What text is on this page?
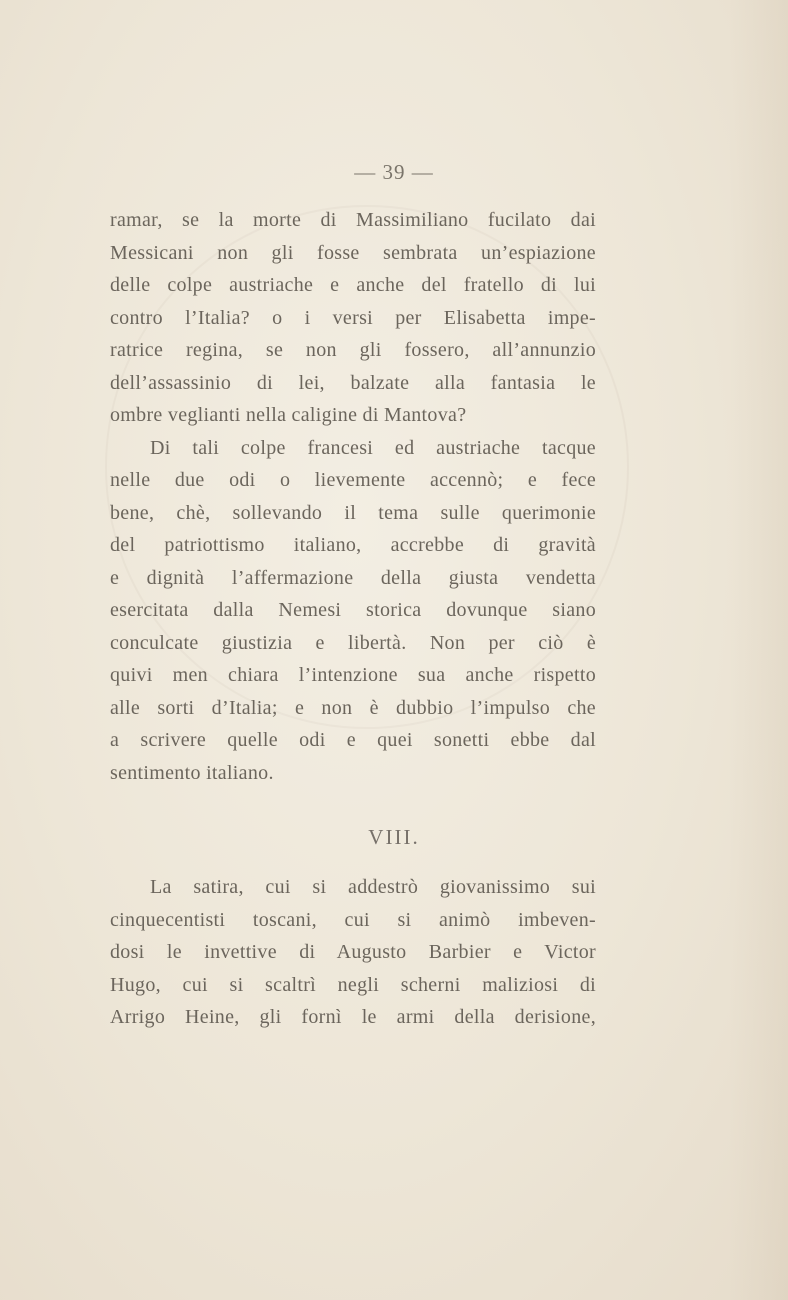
— 39 —
ramar, se la morte di Massimiliano fucilato dai
Messicani non gli fosse sembrata un’espiazione
delle colpe austriache e anche del fratello di lui
contro l’Italia? o i versi per Elisabetta impe-
ratrice regina, se non gli fossero, all’annunzio
dell’assassinio di lei, balzate alla fantasia le
ombre veglianti nella caligine di Mantova?
Di tali colpe francesi ed austriache tacque
nelle due odi o lievemente accennò; e fece
bene, chè, sollevando il tema sulle querimonie
del patriottismo italiano, accrebbe di gravità
e dignità l’affermazione della giusta vendetta
esercitata dalla Nemesi storica dovunque siano
conculcate giustizia e libertà. Non per ciò è
quivi men chiara l’intenzione sua anche rispetto
alle sorti d’Italia; e non è dubbio l’impulso che
a scrivere quelle odi e quei sonetti ebbe dal
sentimento italiano.
VIII.
La satira, cui si addestrò giovanissimo sui
cinquecentisti toscani, cui si animò imbeven-
dosi le invettive di Augusto Barbier e Victor
Hugo, cui si scaltrì negli scherni maliziosi di
Arrigo Heine, gli fornì le armi della derisione,
